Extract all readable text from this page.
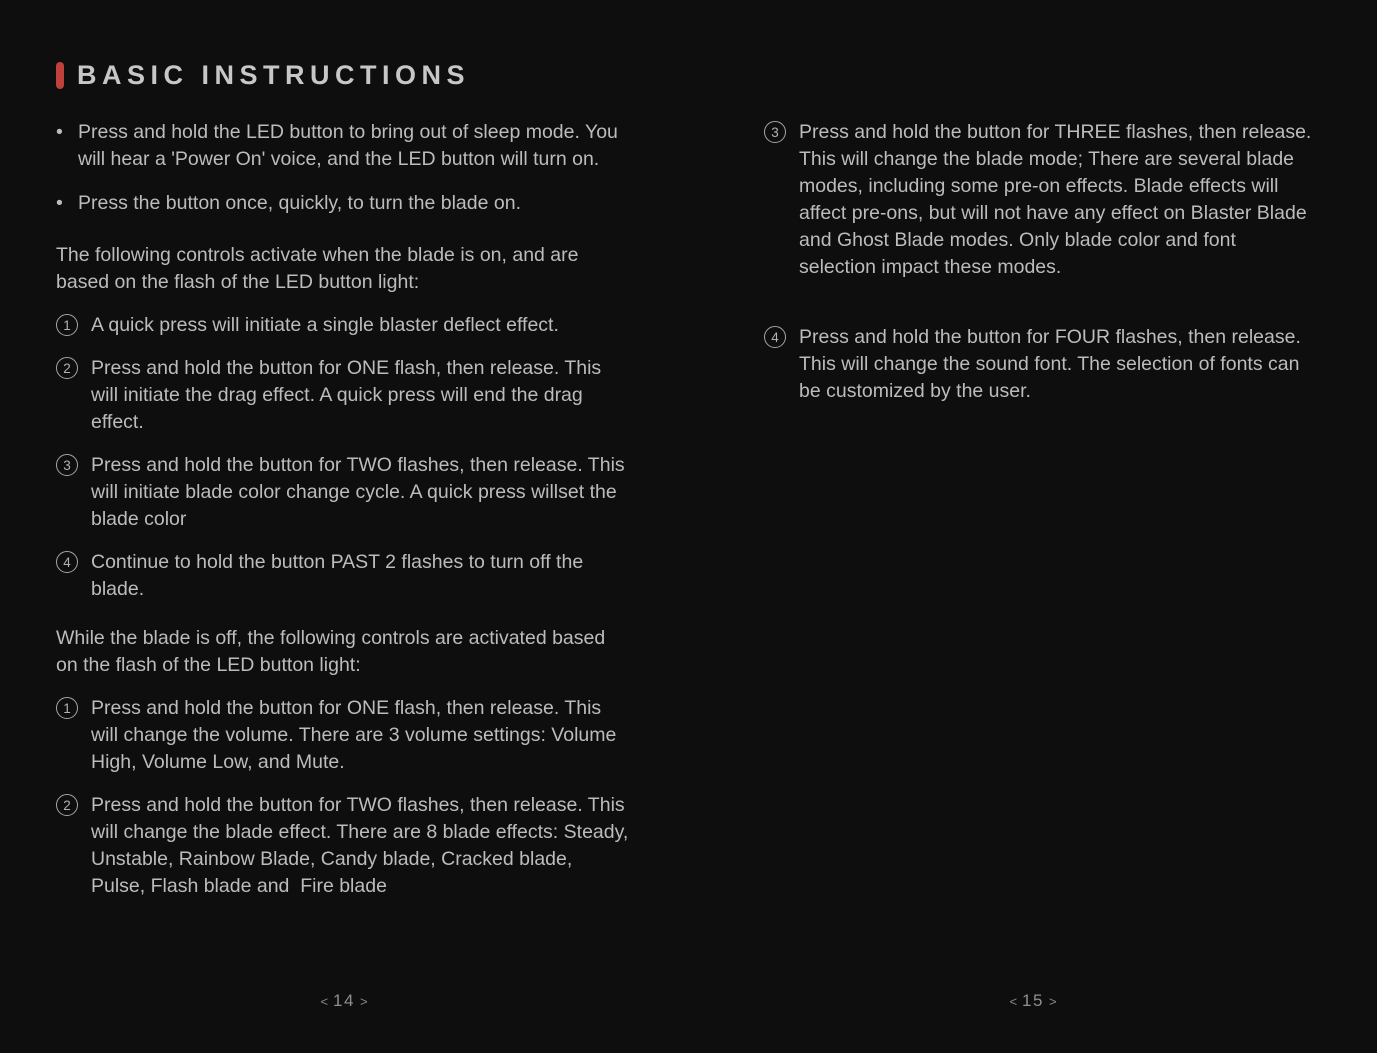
BASIC INSTRUCTIONS
• Press and hold the LED button to bring out of sleep mode. You will hear a 'Power On' voice, and the LED button will turn on.
• Press the button once, quickly, to turn the blade on.

The following controls activate when the blade is on, and are based on the flash of the LED button light:

1	A quick press will initiate a single blaster deflect effect.
2	Press and hold the button for ONE flash, then release. This will initiate the drag effect. A quick press will end the drag effect.
3	Press and hold the button for TWO flashes, then release. This will initiate blade color change cycle. A quick press willset the blade color
4	Continue to hold the button PAST 2 flashes to turn off the blade.

While the blade is off, the following controls are activated based on the flash of the LED button light:

1	Press and hold the button for ONE flash, then release. This will change the volume. There are 3 volume settings: Volume High, Volume Low, and Mute.
2	Press and hold the button for TWO flashes, then release. This will change the blade effect. There are 8 blade effects: Steady, Unstable, Rainbow Blade, Candy blade, Cracked blade, Pulse, Flash blade and  Fire blade
3	Press and hold the button for THREE flashes, then release. This will change the blade mode; There are several blade modes, including some pre-on effects. Blade effects will affect pre-ons, but will not have any effect on Blaster Blade and Ghost Blade modes. Only blade color and font selection impact these modes.
4	Press and hold the button for FOUR flashes, then release. This will change the sound font. The selection of fonts can be customized by the user.
< 14 >	< 15 >
